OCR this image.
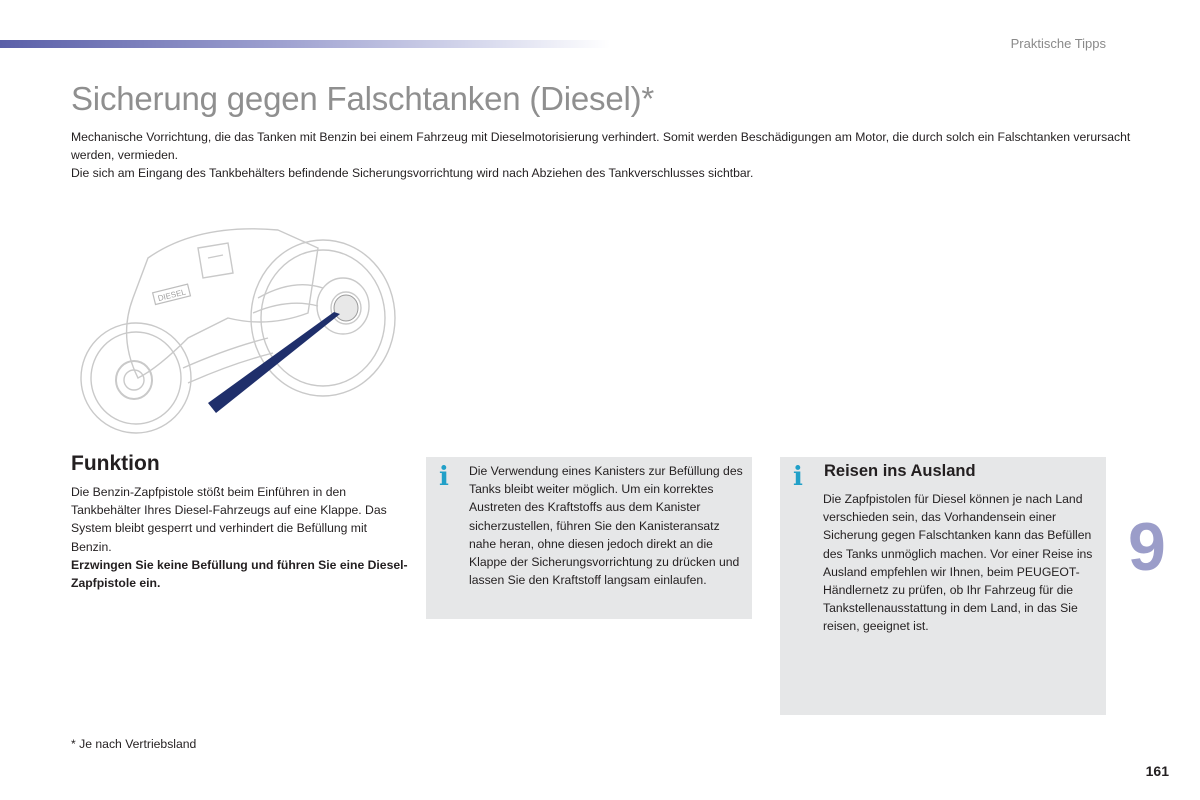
Praktische Tipps
Sicherung gegen Falschtanken (Diesel)*

Mechanische Vorrichtung, die das Tanken mit Benzin bei einem Fahrzeug mit Dieselmotorisierung verhindert. Somit werden Beschädigungen am Motor, die durch solch ein Falschtanken verursacht werden, vermieden.

Die sich am Eingang des Tankbehälters befindende Sicherungsvorrichtung wird nach Abziehen des Tankverschlusses sichtbar.

DIESEL
Funktion

Die Benzin-Zapfpistole stößt beim Einführen in den Tankbehälter Ihres Diesel-Fahrzeugs auf eine Klappe. Das System bleibt gesperrt und verhindert die Befüllung mit Benzin.

Erzwingen Sie keine Befüllung und führen Sie eine Diesel-Zapfpistole ein.

i Die Verwendung eines Kanisters zur Befüllung des Tanks bleibt weiter möglich. Um ein korrektes Austreten des Kraftstoffs aus dem Kanister sicherzustellen, führen Sie den Kanisteransatz nahe heran, ohne diesen jedoch direkt an die Klappe der Sicherungsvorrichtung zu drücken und lassen Sie den Kraftstoff langsam einlaufen.

i Reisen ins Ausland

Die Zapfpistolen für Diesel können je nach Land verschieden sein, das Vorhandensein einer Sicherung gegen Falschtanken kann das Befüllen des Tanks unmöglich machen. Vor einer Reise ins Ausland empfehlen wir Ihnen, beim PEUGEOT-Händlernetz zu prüfen, ob Ihr Fahrzeug für die Tankstellenausstattung in dem Land, in das Sie reisen, geeignet ist.

9
* Je nach Vertriebsland
161
